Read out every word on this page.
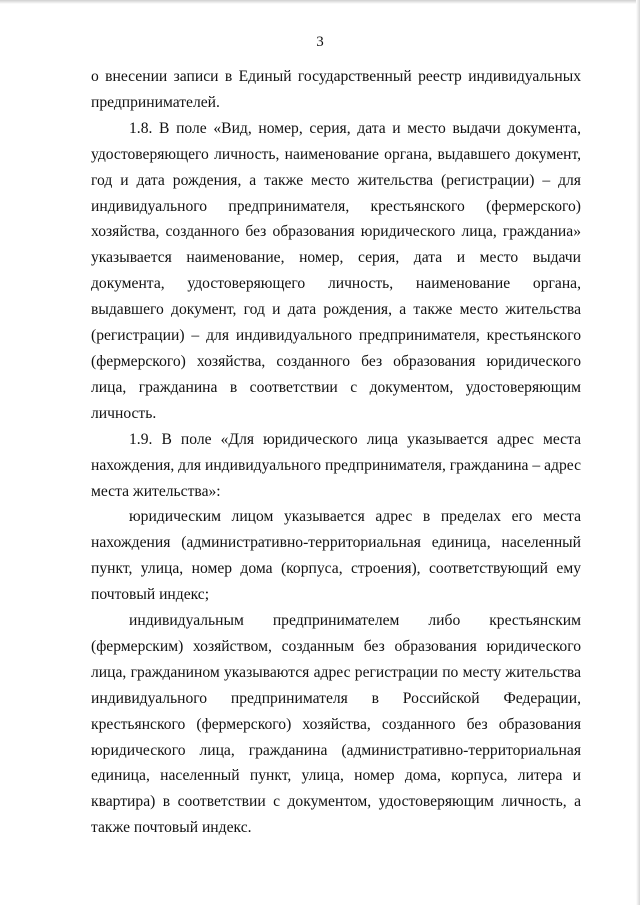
3

о внесении записи в Единый государственный реестр индивидуальных предпринимателей.

1.8. В поле «Вид, номер, серия, дата и место выдачи документа, удостоверяющего личность, наименование органа, выдавшего документ, год и дата рождения, а также место жительства (регистрации) – для индивидуального предпринимателя, крестьянского (фермерского) хозяйства, созданного без образования юридического лица, гражданиа» указывается наименование, номер, серия, дата и место выдачи документа, удостоверяющего личность, наименование органа, выдавшего документ, год и дата рождения, а также место жительства (регистрации) – для индивидуального предпринимателя, крестьянского (фермерского) хозяйства, созданного без образования юридического лица, гражданина в соответствии с документом, удостоверяющим личность.

1.9. В поле «Для юридического лица указывается адрес места нахождения, для индивидуального предпринимателя, гражданина – адрес места жительства»:

юридическим лицом указывается адрес в пределах его места нахождения (административно-территориальная единица, населенный пункт, улица, номер дома (корпуса, строения), соответствующий ему почтовый индекс;

индивидуальным предпринимателем либо крестьянским (фермерским) хозяйством, созданным без образования юридического лица, гражданином указываются адрес регистрации по месту жительства индивидуального предпринимателя в Российской Федерации, крестьянского (фермерского) хозяйства, созданного без образования юридического лица, гражданина (административно-территориальная единица, населенный пункт, улица, номер дома, корпуса, литера и квартира) в соответствии с документом, удостоверяющим личность, а также почтовый индекс.
